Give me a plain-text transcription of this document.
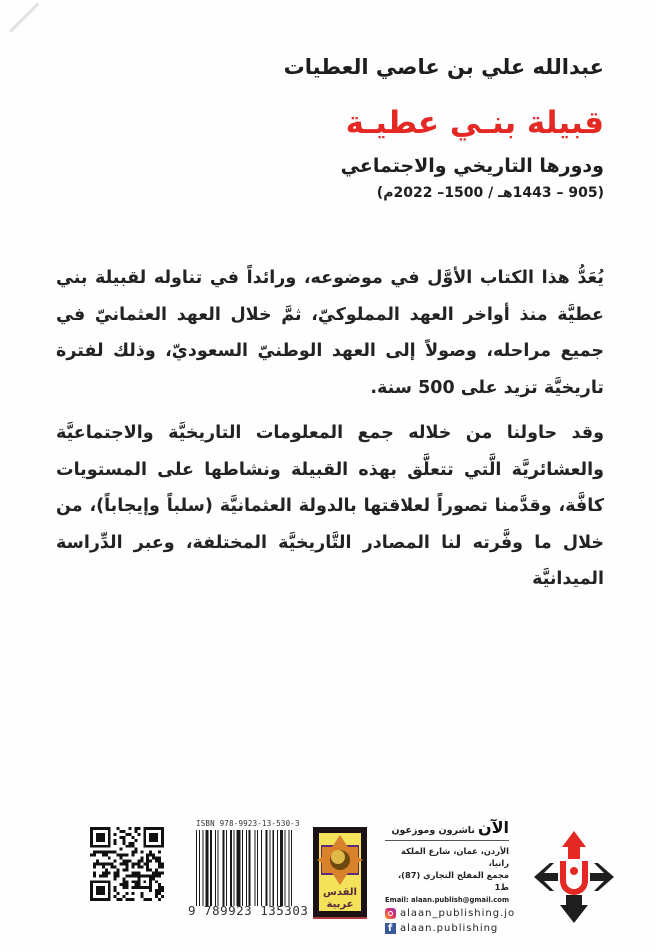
عبدالله علي بن عاصي العطيات

قبيلة بنـي عطيـة

ودورها التاريخي والاجتماعي

(905 – 1443هـ / 1500– 2022م)

يُعَدُّ هذا الكتاب الأوَّل في موضوعه، ورائداً في تناوله لقبيلة بني عطيَّة منذ أواخر العهد المملوكيّ، ثمَّ خلال العهد العثمانيّ في جميع مراحله، وصولاً إلى العهد الوطنيّ السعوديّ، وذلك لفترة تاريخيَّة تزيد على 500 سنة.

وقد حاولنا من خلاله جمع المعلومات التاريخيَّة والاجتماعيَّة والعشائريَّة الَّتي تتعلَّق بهذه القبيلة ونشاطها على المستويات كافَّة، وقدَّمنا تصوراً لعلاقتها بالدولة العثمانيَّة (سلباً وإيجاباً)، من خلال ما وفَّرته لنا المصادر التَّاريخيَّة المختلفة، وعبر الدِّراسة الميدانيَّة

ISBN 978-9923-13-530-3
9 789923 135303
القدس
عربية
الآن
ناشرون وموزعون
الأردن، عمان، شارع الملكة رانيا،
مجمع المفلح التجاري (87)، ط1
Email: alaan.publish@gmail.com
alaan_publishing.jo
f alaan.publishing
